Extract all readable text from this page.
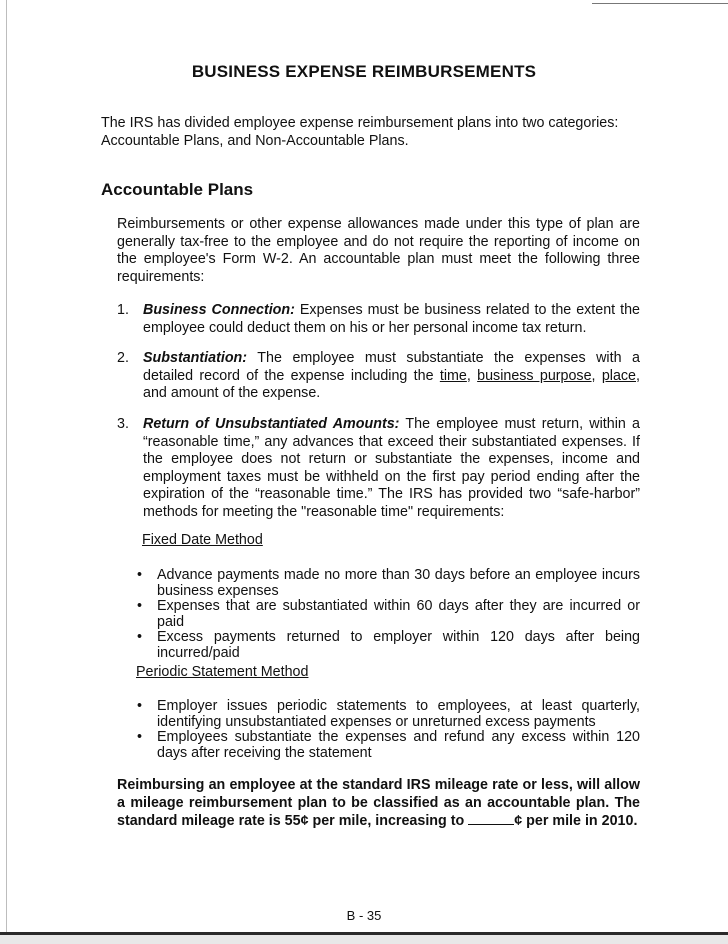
BUSINESS EXPENSE REIMBURSEMENTS

The IRS has divided employee expense reimbursement plans into two categories:

Accountable Plans, and Non-Accountable Plans.

Accountable Plans

Reimbursements or other expense allowances made under this type of plan are generally tax-free to the employee and do not require the reporting of income on the employee's Form W-2. An accountable plan must meet the following three requirements:

1. Business Connection: Expenses must be business related to the extent the employee could deduct them on his or her personal income tax return.
2. Substantiation: The employee must substantiate the expenses with a detailed record of the expense including the time, business purpose, place, and amount of the expense.
3. Return of Unsubstantiated Amounts: The employee must return, within a “reasonable time,” any advances that exceed their substantiated expenses. If the employee does not return or substantiate the expenses, income and employment taxes must be withheld on the first pay period ending after the expiration of the “reasonable time.” The IRS has provided two “safe-harbor” methods for meeting the "reasonable time" requirements:
Fixed Date Method
• Advance payments made no more than 30 days before an employee incurs business expenses
• Expenses that are substantiated within 60 days after they are incurred or paid
• Excess payments returned to employer within 120 days after being incurred/paid
Periodic Statement Method
• Employer issues periodic statements to employees, at least quarterly, identifying unsubstantiated expenses or unreturned excess payments
• Employees substantiate the expenses and refund any excess within 120 days after receiving the statement
Reimbursing an employee at the standard IRS mileage rate or less, will allow a mileage reimbursement plan to be classified as an accountable plan. The standard mileage rate is 55¢ per mile, increasing to	¢ per mile in 2010.
B - 35
